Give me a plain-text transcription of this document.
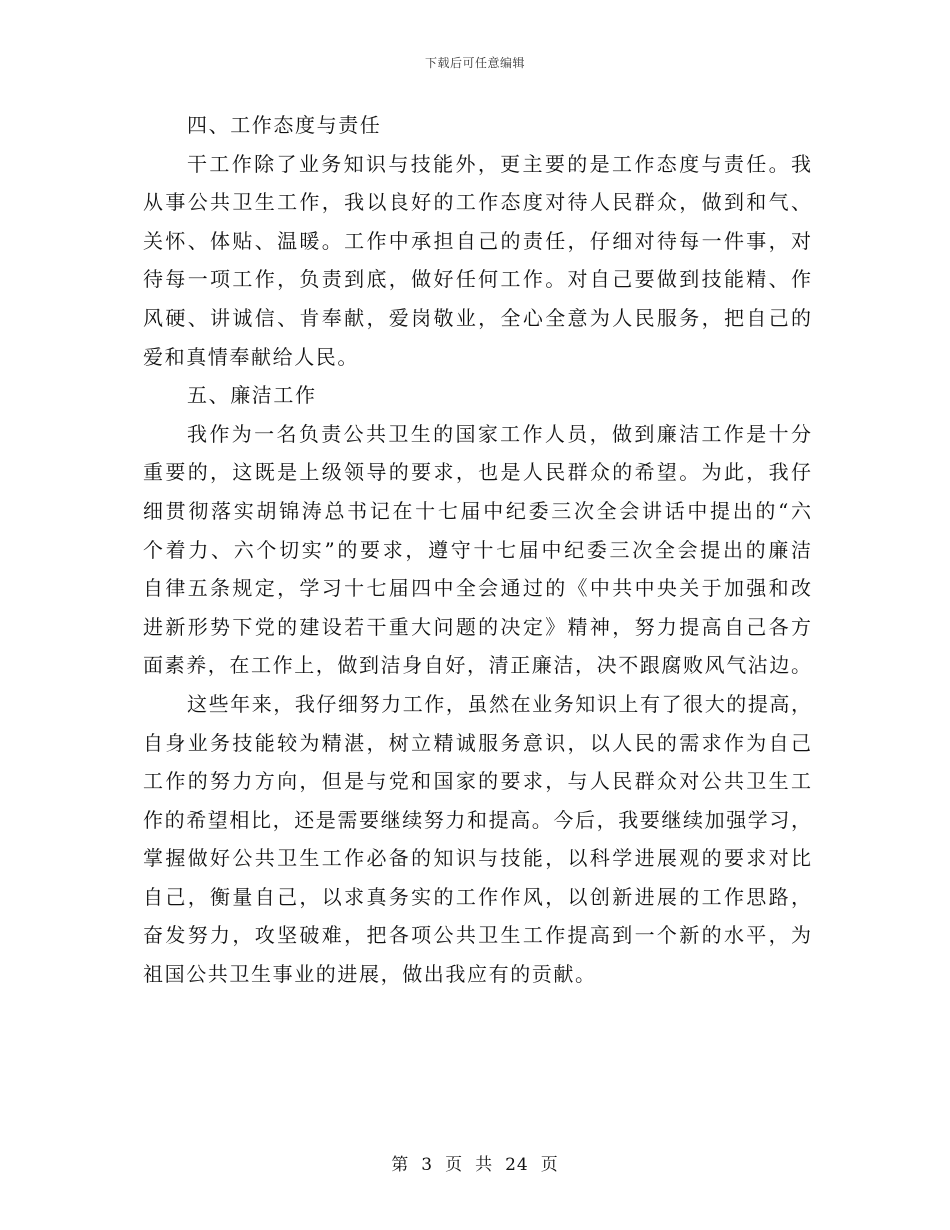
下载后可任意编辑
四、工作态度与责任
干工作除了业务知识与技能外，更主要的是工作态度与责任。我
从事公共卫生工作，我以良好的工作态度对待人民群众，做到和气、
关怀、体贴、温暖。工作中承担自己的责任，仔细对待每一件事，对
待每一项工作，负责到底，做好任何工作。对自己要做到技能精、作
风硬、讲诚信、肯奉献，爱岗敬业，全心全意为人民服务，把自己的
爱和真情奉献给人民。
五、廉洁工作
我作为一名负责公共卫生的国家工作人员，做到廉洁工作是十分
重要的，这既是上级领导的要求，也是人民群众的希望。为此，我仔
细贯彻落实胡锦涛总书记在十七届中纪委三次全会讲话中提出的“六
个着力、六个切实”的要求，遵守十七届中纪委三次全会提出的廉洁
自律五条规定，学习十七届四中全会通过的《中共中央关于加强和改
进新形势下党的建设若干重大问题的决定》精神，努力提高自己各方
面素养，在工作上，做到洁身自好，清正廉洁，决不跟腐败风气沾边。
这些年来，我仔细努力工作，虽然在业务知识上有了很大的提高，
自身业务技能较为精湛，树立精诚服务意识，以人民的需求作为自己
工作的努力方向，但是与党和国家的要求，与人民群众对公共卫生工
作的希望相比，还是需要继续努力和提高。今后，我要继续加强学习，
掌握做好公共卫生工作必备的知识与技能，以科学进展观的要求对比
自己，衡量自己，以求真务实的工作作风，以创新进展的工作思路，
奋发努力，攻坚破难，把各项公共卫生工作提高到一个新的水平，为
祖国公共卫生事业的进展，做出我应有的贡献。
第 3 页 共 24 页
